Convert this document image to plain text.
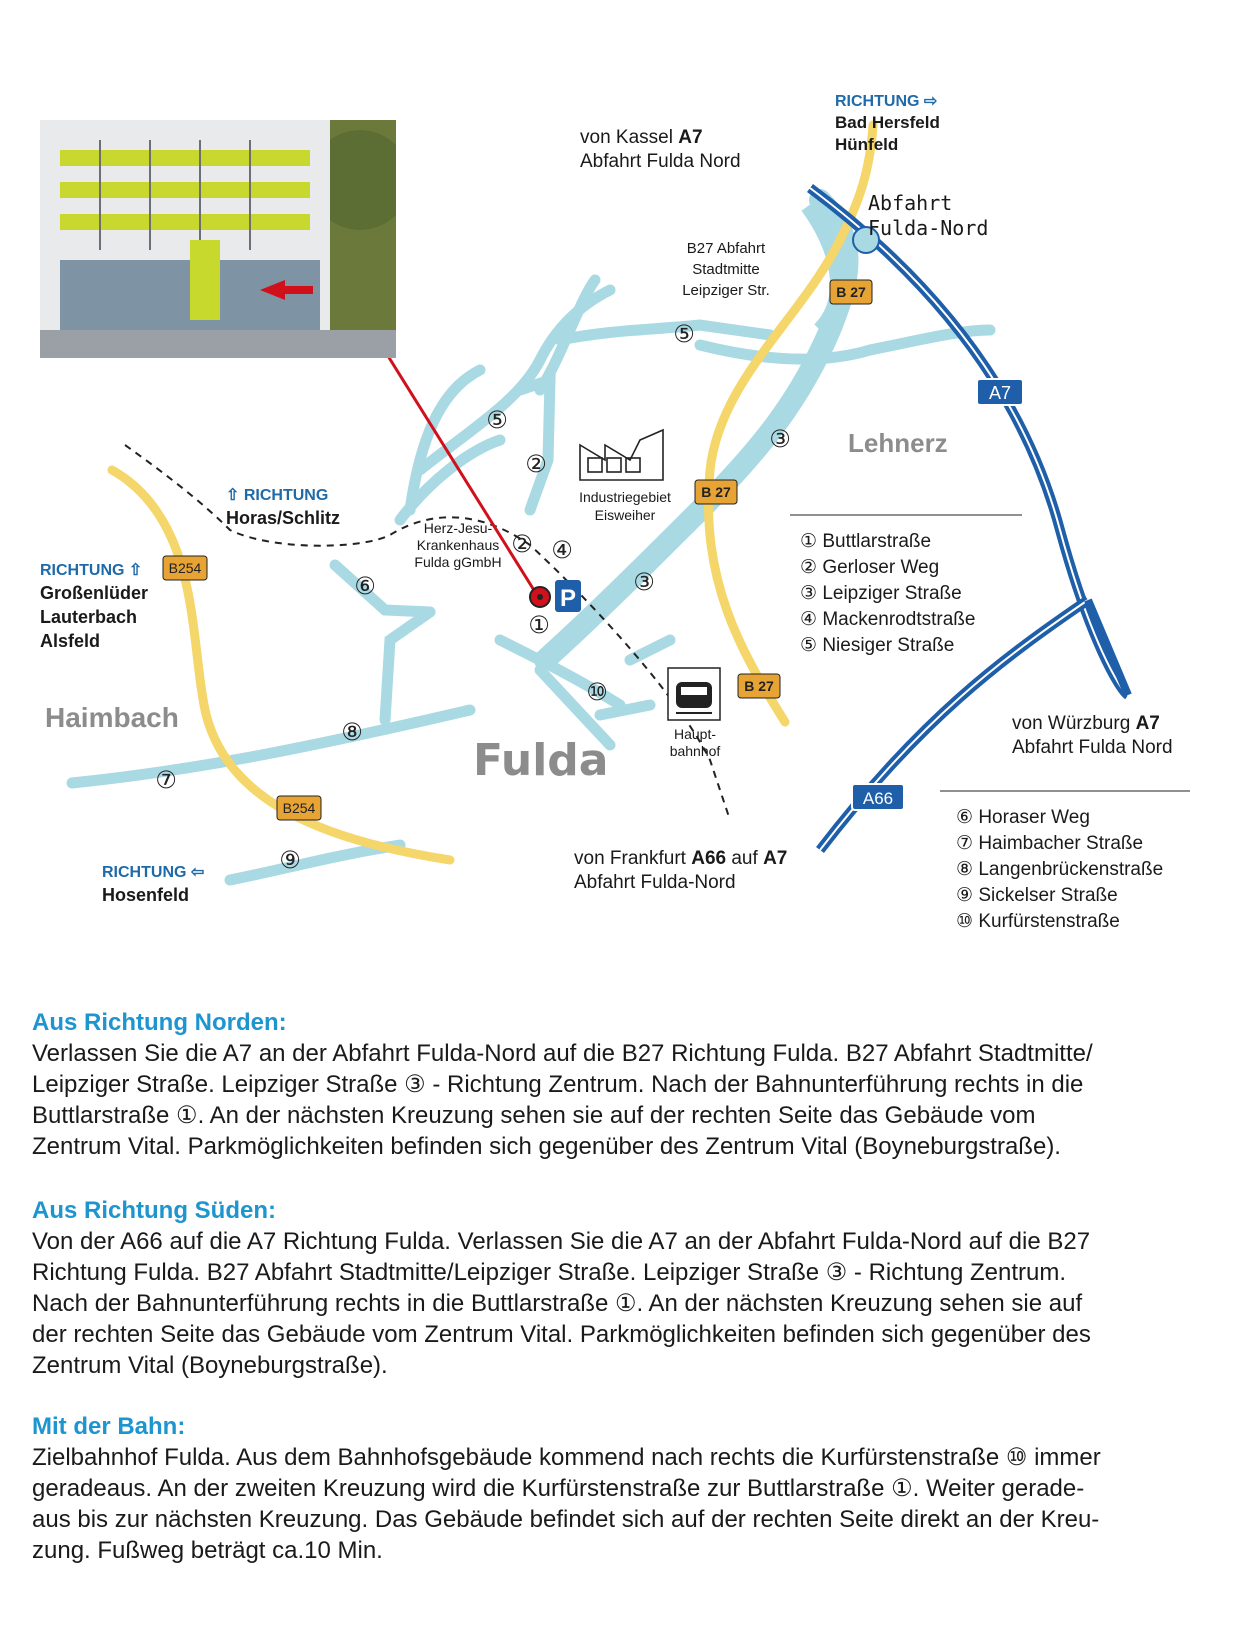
P
A7
A66
B 27
B 27
B 27
B254
B254
①
②
②
③
③
④
⑤
⑤
⑥
⑦
⑧
⑨
⑩
von Kassel A7
Abfahrt Fulda Nord
RICHTUNG ⇨
Bad Hersfeld
Hünfeld
Abfahrt
Fulda-Nord
B27 Abfahrt
Stadtmitte
Leipziger Str.
⇧ RICHTUNG
Horas/Schlitz
RICHTUNG ⇧
Großenlüder
Lauterbach
Alsfeld
RICHTUNG ⇦
Hosenfeld
Lehnerz
Haimbach
Fulda
Industriegebiet
Eisweiher
Herz-Jesu-
Krankenhaus
Fulda gGmbH
Haupt-
bahnhof
von Würzburg A7
Abfahrt Fulda Nord
von Frankfurt A66 auf A7
Abfahrt Fulda-Nord
① Buttlarstraße
② Gerloser Weg
③ Leipziger Straße
④ Mackenrodtstraße
⑤ Niesiger Straße
⑥ Horaser Weg
⑦ Haimbacher Straße
⑧ Langenbrückenstraße
⑨ Sickelser Straße
⑩ Kurfürstenstraße
Aus Richtung Norden:

Verlassen Sie die A7 an der Abfahrt Fulda-Nord auf die B27 Richtung Fulda. B27 Abfahrt Stadtmitte/

Leipziger Straße. Leipziger Straße ③ - Richtung Zentrum. Nach der Bahnunterführung rechts in die

Buttlarstraße ①. An der nächsten Kreuzung sehen sie auf der rechten Seite das Gebäude vom

Zentrum Vital. Parkmöglichkeiten befinden sich gegenüber des Zentrum Vital (Boyneburgstraße).

Aus Richtung Süden:

Von der A66 auf die A7 Richtung Fulda. Verlassen Sie die A7 an der Abfahrt Fulda-Nord auf die B27

Richtung Fulda. B27 Abfahrt Stadtmitte/Leipziger Straße. Leipziger Straße ③ - Richtung Zentrum.

Nach der Bahnunterführung rechts in die Buttlarstraße ①. An der nächsten Kreuzung sehen sie auf

der rechten Seite das Gebäude vom Zentrum Vital. Parkmöglichkeiten befinden sich gegenüber des

Zentrum Vital (Boyneburgstraße).

Mit der Bahn:

Zielbahnhof Fulda. Aus dem Bahnhofsgebäude kommend nach rechts die Kurfürstenstraße ⑩ immer

geradeaus. An der zweiten Kreuzung wird die Kurfürstenstraße zur Buttlarstraße ①. Weiter gerade-

aus bis zur nächsten Kreuzung. Das Gebäude befindet sich auf der rechten Seite direkt an der Kreu-

zung. Fußweg beträgt ca.10 Min.
